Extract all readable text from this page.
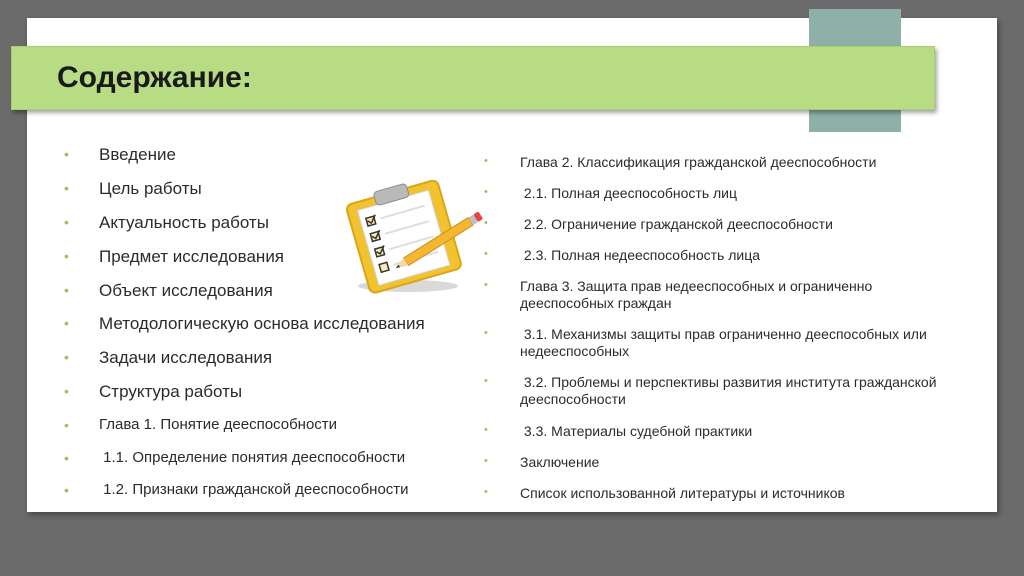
Содержание:
• Введение
• Цель работы
• Актуальность работы
• Предмет исследования
• Объект исследования
• Методологическую основа исследования
• Задачи исследования
• Структура работы
• Глава 1. Понятие дееспособности
• 1.1. Определение понятия дееспособности
• 1.2. Признаки гражданской дееспособности
• Глава 2. Классификация гражданской дееспособности
• 2.1. Полная дееспособность лиц
• 2.2. Ограничение гражданской дееспособности
• 2.3. Полная недееспособность лица
• Глава 3. Защита прав недееспособных и ограниченно дееспособных граждан
• 3.1. Механизмы защиты прав ограниченно дееспособных или недееспособных
• 3.2. Проблемы и перспективы развития института гражданской дееспособности
• 3.3. Материалы судебной практики
• Заключение
• Список использованной литературы и источников
